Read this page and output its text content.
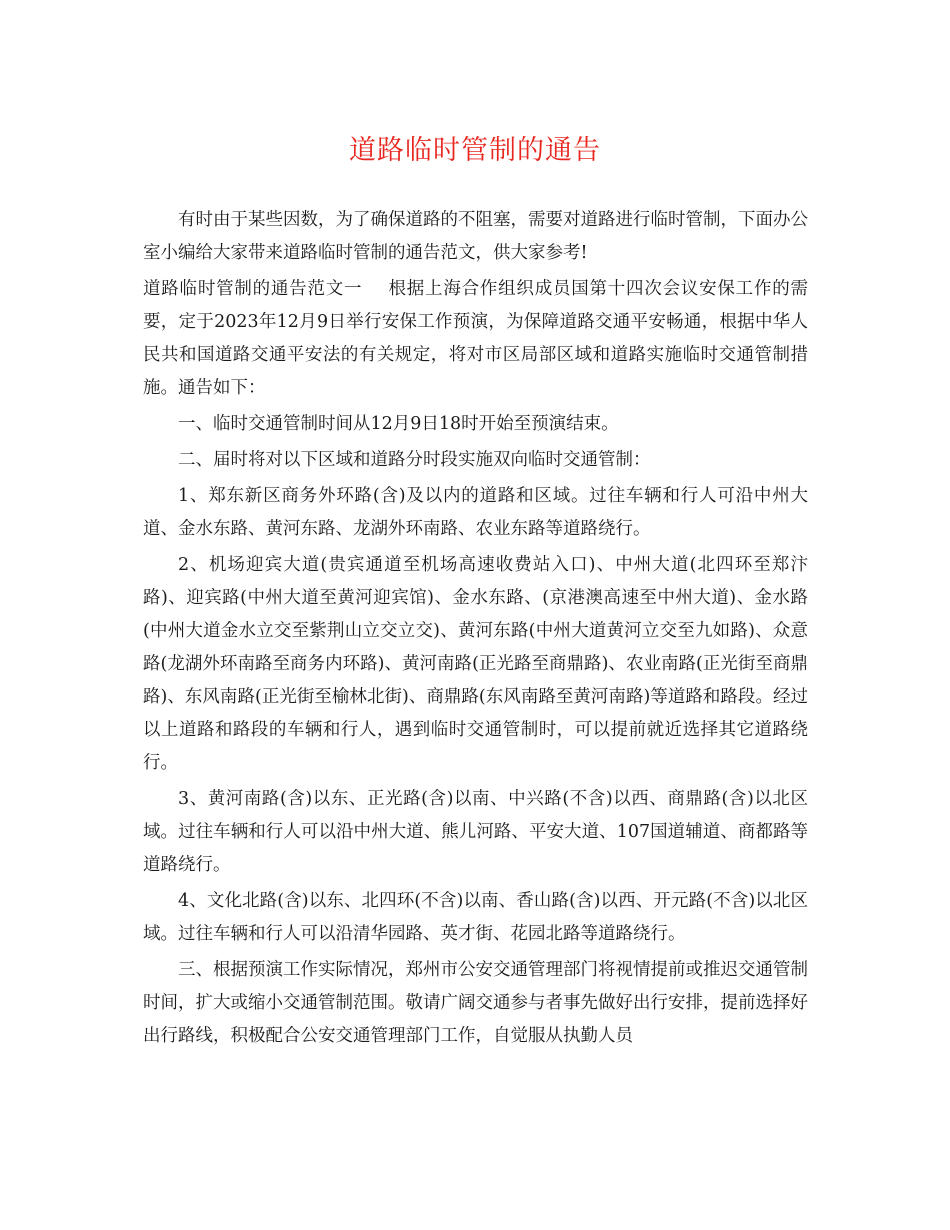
道路临时管制的通告

有时由于某些因数，为了确保道路的不阻塞，需要对道路进行临时管制，下面办公室小编给大家带来道路临时管制的通告范文，供大家参考!

道路临时管制的通告范文一 根据上海合作组织成员国第十四次会议安保工作的需要，定于2023年12月9日举行安保工作预演，为保障道路交通平安畅通，根据中华人民共和国道路交通平安法的有关规定，将对市区局部区域和道路实施临时交通管制措施。通告如下：

一、临时交通管制时间从12月9日18时开始至预演结束。

二、届时将对以下区域和道路分时段实施双向临时交通管制：

1、郑东新区商务外环路(含)及以内的道路和区域。过往车辆和行人可沿中州大道、金水东路、黄河东路、龙湖外环南路、农业东路等道路绕行。

2、机场迎宾大道(贵宾通道至机场高速收费站入口)、中州大道(北四环至郑汴路)、迎宾路(中州大道至黄河迎宾馆)、金水东路、(京港澳高速至中州大道)、金水路(中州大道金水立交至紫荆山立交立交)、黄河东路(中州大道黄河立交至九如路)、众意路(龙湖外环南路至商务内环路)、黄河南路(正光路至商鼎路)、农业南路(正光街至商鼎路)、东风南路(正光街至榆林北街)、商鼎路(东风南路至黄河南路)等道路和路段。经过以上道路和路段的车辆和行人，遇到临时交通管制时，可以提前就近选择其它道路绕行。

3、黄河南路(含)以东、正光路(含)以南、中兴路(不含)以西、商鼎路(含)以北区域。过往车辆和行人可以沿中州大道、熊儿河路、平安大道、107国道辅道、商都路等道路绕行。

4、文化北路(含)以东、北四环(不含)以南、香山路(含)以西、开元路(不含)以北区域。过往车辆和行人可以沿清华园路、英才街、花园北路等道路绕行。

三、根据预演工作实际情况，郑州市公安交通管理部门将视情提前或推迟交通管制时间，扩大或缩小交通管制范围。敬请广阔交通参与者事先做好出行安排，提前选择好出行路线，积极配合公安交通管理部门工作，自觉服从执勤人员
